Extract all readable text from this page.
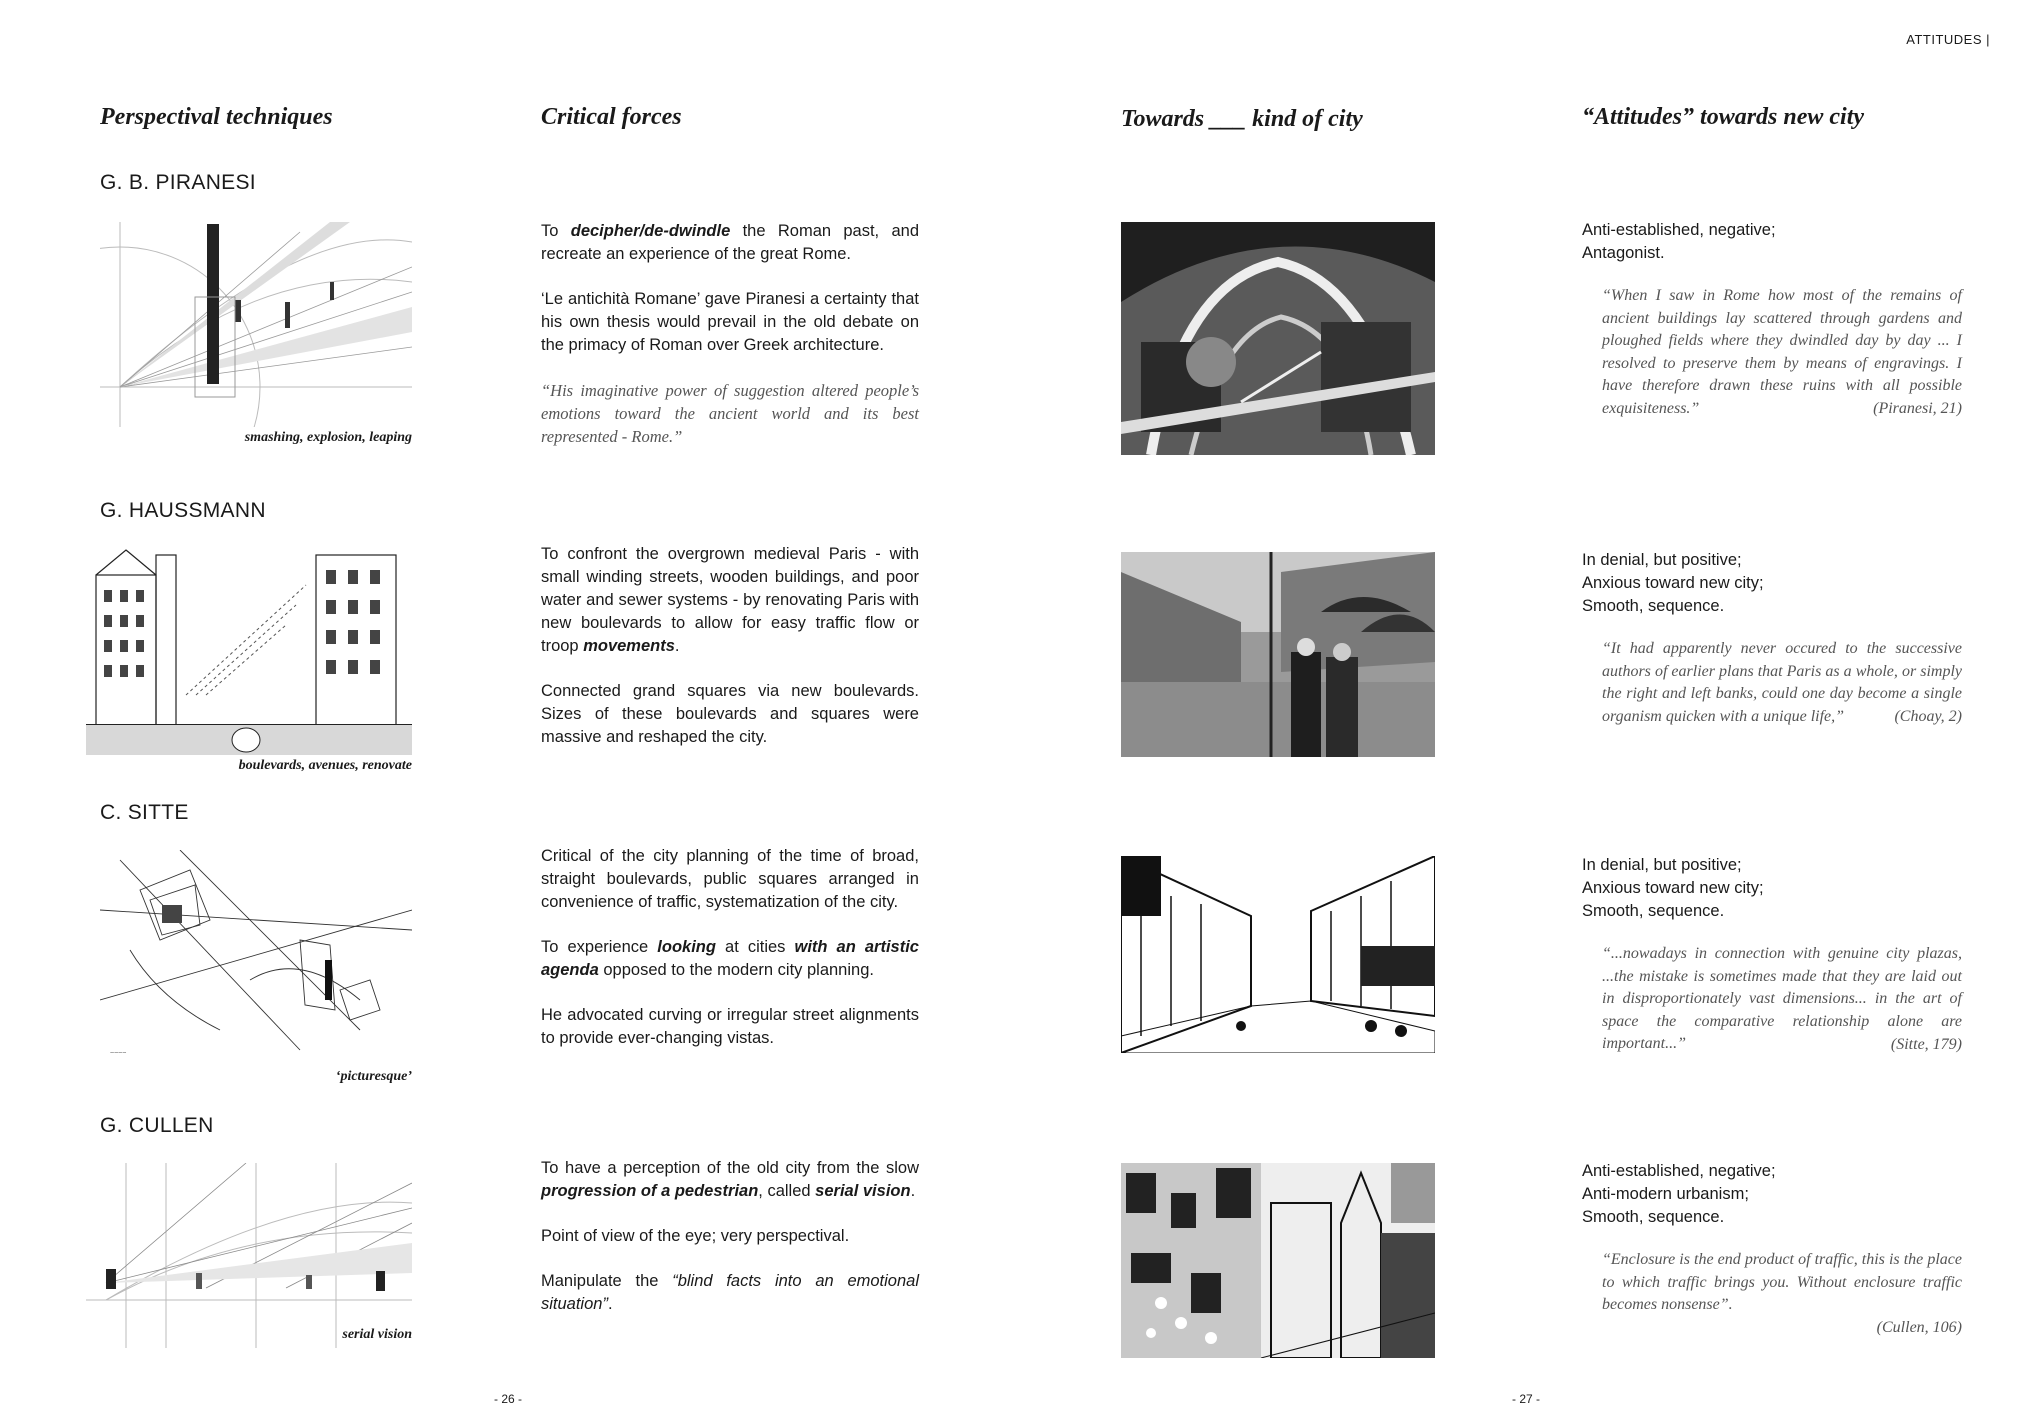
ATTITUDES |
Perspectival techniques	Critical forces	Towards ___ kind of city	“Attitudes” towards new city
G. B. PIRANESI
smashing, explosion, leaping

To decipher/de-dwindle the Roman past, and recreate an experience of the great Rome.

‘Le antichità Romane’ gave Piranesi a certainty that his own thesis would prevail in the old debate on the primacy of Roman over Greek architecture.

“His imaginative power of suggestion altered people’s emotions toward the ancient world and its best represented - Rome.”

Anti-established, negative;
Antagonist.
“When I saw in Rome how most of the remains of ancient buildings lay scattered through gardens and ploughed fields where they dwindled day by day ... I resolved to preserve them by means of engravings. I have therefore drawn these ruins with all possible exquisiteness.”	(Piranesi, 21)
G. HAUSSMANN
boulevards, avenues, renovate

To confront the overgrown medieval Paris - with small winding streets, wooden buildings, and poor water and sewer systems - by renovating Paris with new boulevards to allow for easy traffic flow or troop movements.

Connected grand squares via new boulevards. Sizes of these boulevards and squares were massive and reshaped the city.

In denial, but positive;
Anxious toward new city;
Smooth, sequence.
“It had apparently never occured to the successive authors of earlier plans that Paris as a whole, or simply the right and left banks, could one day become a single organism quicken with a unique life,”	(Choay, 2)
C. SITTE
~~~~
‘picturesque’

Critical of the city planning of the time of broad, straight boulevards, public squares arranged in convenience of traffic, systematization of the city.

To experience looking at cities with an artistic agenda opposed to the modern city planning.

He advocated curving or irregular street alignments to provide ever-changing vistas.

In denial, but positive;
Anxious toward new city;
Smooth, sequence.
“...nowadays in connection with genuine city plazas, ...the mistake is sometimes made that they are laid out in disproportionately vast dimensions... in the art of space the comparative relationship alone are important...”	(Sitte, 179)
G. CULLEN
serial vision

To have a perception of the old city from the slow progression of a pedestrian, called serial vision.

Point of view of the eye; very perspectival.

Manipulate the “blind facts into an emotional situation”.

Anti-established, negative;
Anti-modern urbanism;
Smooth, sequence.
“Enclosure is the end product of traffic, this is the place to which traffic brings you. Without enclosure traffic becomes nonsense”.
(Cullen, 106)
- 26 -	- 27 -
